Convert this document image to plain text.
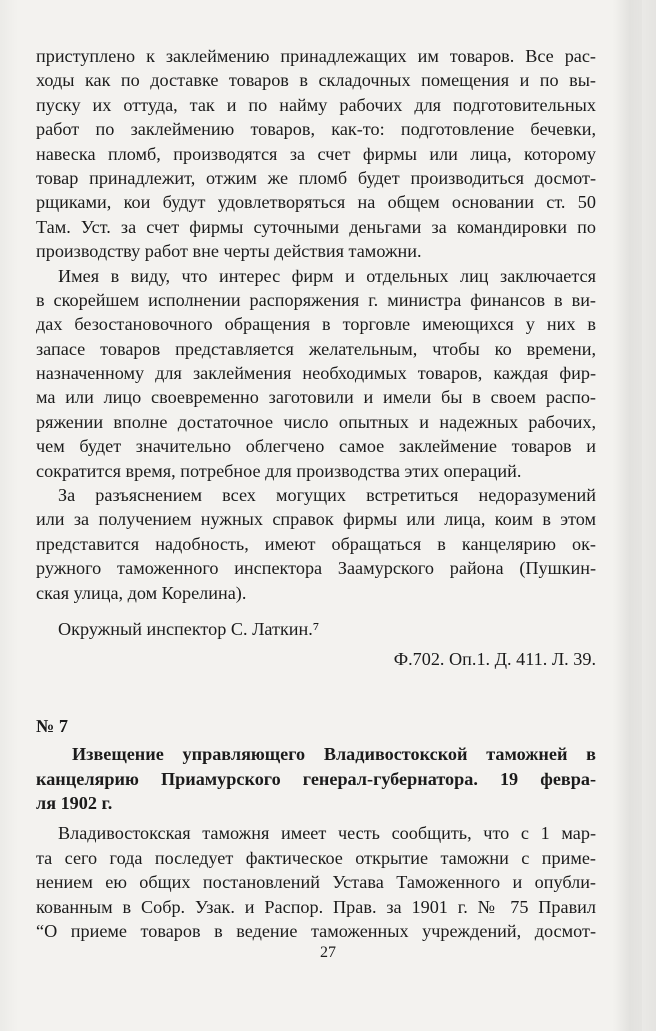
приступлено к заклеймению принадлежащих им товаров. Все рас-
ходы как по доставке товаров в складочных помещения и по вы-
пуску их оттуда, так и по найму рабочих для подготовительных
работ по заклеймению товаров, как-то: подготовление бечевки,
навеска пломб, производятся за счет фирмы или лица, которому
товар принадлежит, отжим же пломб будет производиться досмот-
рщиками, кои будут удовлетворяться на общем основании ст. 50
Там. Уст. за счет фирмы суточными деньгами за командировки по
производству работ вне черты действия таможни.
Имея в виду, что интерес фирм и отдельных лиц заключается
в скорейшем исполнении распоряжения г. министра финансов в ви-
дах безостановочного обращения в торговле имеющихся у них в
запасе товаров представляется желательным, чтобы ко времени,
назначенному для заклеймения необходимых товаров, каждая фир-
ма или лицо своевременно заготовили и имели бы в своем распо-
ряжении вполне достаточное число опытных и надежных рабочих,
чем будет значительно облегчено самое заклеймение товаров и
сократится время, потребное для производства этих операций.
За разъяснением всех могущих встретиться недоразумений
или за получением нужных справок фирмы или лица, коим в этом
представится надобность, имеют обращаться в канцелярию ок-
ружного таможенного инспектора Заамурского района (Пушкин-
ская улица, дом Корелина).
Окружный инспектор С. Латкин.⁷
Ф.702. Оп.1. Д. 411. Л. 39.
№ 7
Извещение управляющего Владивостокской таможней в
канцелярию Приамурского генерал-губернатора. 19 февра-
ля 1902 г.
Владивостокская таможня имеет честь сообщить, что с 1 мар-
та сего года последует фактическое открытие таможни с приме-
нением ею общих постановлений Устава Таможенного и опубли-
кованным в Собр. Узак. и Распор. Прав. за 1901 г. № 75 Правил
“О приеме товаров в ведение таможенных учреждений, досмот-
27
